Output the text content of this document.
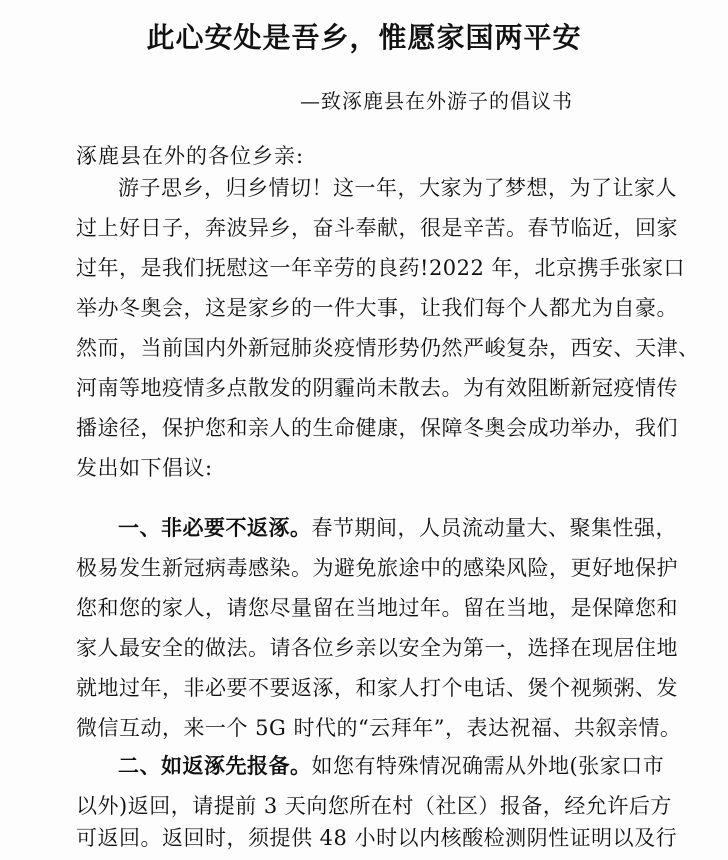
此心安处是吾乡，惟愿家国两平安
—致涿鹿县在外游子的倡议书
涿鹿县在外的各位乡亲:
游子思乡，归乡情切！这一年，大家为了梦想，为了让家人
过上好日子，奔波异乡，奋斗奉献，很是辛苦。春节临近，回家
过年，是我们抚慰这一年辛劳的良药!2022 年，北京携手张家口
举办冬奥会，这是家乡的一件大事，让我们每个人都尤为自豪。
然而，当前国内外新冠肺炎疫情形势仍然严峻复杂，西安、天津、
河南等地疫情多点散发的阴霾尚未散去。为有效阻断新冠疫情传
播途径，保护您和亲人的生命健康，保障冬奥会成功举办，我们
发出如下倡议:
一、非必要不返涿。春节期间，人员流动量大、聚集性强，
极易发生新冠病毒感染。为避免旅途中的感染风险，更好地保护
您和您的家人，请您尽量留在当地过年。留在当地，是保障您和
家人最安全的做法。请各位乡亲以安全为第一，选择在现居住地
就地过年，非必要不要返涿，和家人打个电话、煲个视频粥、发
微信互动，来一个 5G 时代的“云拜年”，表达祝福、共叙亲情。
二、如返涿先报备。如您有特殊情况确需从外地(张家口市
以外)返回，请提前 3 天向您所在村（社区）报备，经允许后方
可返回。返回时，须提供 48 小时以内核酸检测阴性证明以及行
